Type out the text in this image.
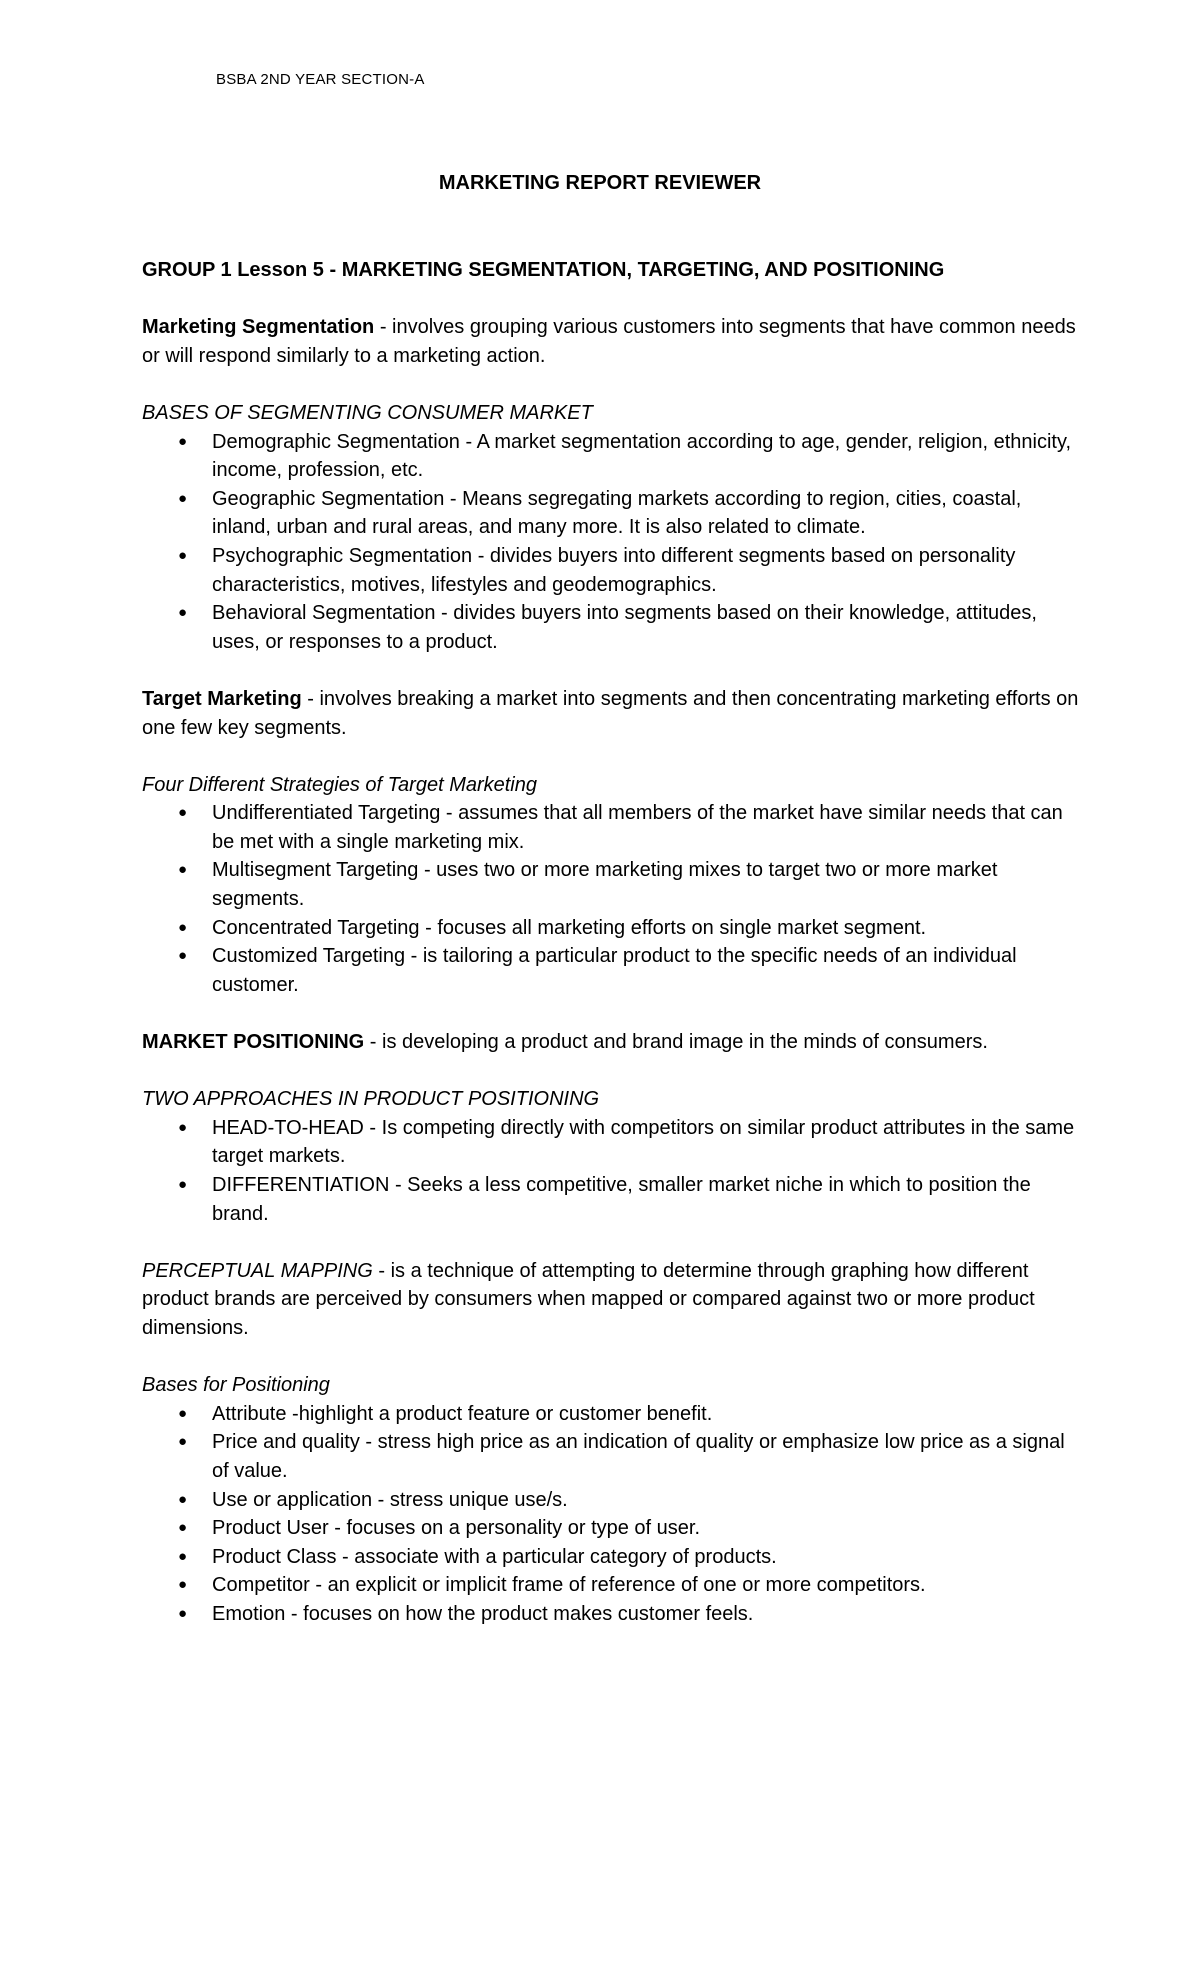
BSBA 2ND YEAR SECTION-A
MARKETING REPORT REVIEWER

GROUP 1 Lesson 5 - MARKETING SEGMENTATION, TARGETING, AND POSITIONING

Marketing Segmentation - involves grouping various customers into segments that have common needs or will respond similarly to a marketing action.

BASES OF SEGMENTING CONSUMER MARKET

● Demographic Segmentation - A market segmentation according to age, gender, religion, ethnicity, income, profession, etc.
● Geographic Segmentation - Means segregating markets according to region, cities, coastal, inland, urban and rural areas, and many more. It is also related to climate.
● Psychographic Segmentation - divides buyers into different segments based on personality characteristics, motives, lifestyles and geodemographics.
● Behavioral Segmentation - divides buyers into segments based on their knowledge, attitudes, uses, or responses to a product.

Target Marketing - involves breaking a market into segments and then concentrating marketing efforts on one few key segments.

Four Different Strategies of Target Marketing

● Undifferentiated Targeting - assumes that all members of the market have similar needs that can be met with a single marketing mix.
● Multisegment Targeting - uses two or more marketing mixes to target two or more market segments.
● Concentrated Targeting - focuses all marketing efforts on single market segment.
● Customized Targeting - is tailoring a particular product to the specific needs of an individual customer.

MARKET POSITIONING - is developing a product and brand image in the minds of consumers.

TWO APPROACHES IN PRODUCT POSITIONING

● HEAD-TO-HEAD - Is competing directly with competitors on similar product attributes in the same target markets.
● DIFFERENTIATION - Seeks a less competitive, smaller market niche in which to position the brand.

PERCEPTUAL MAPPING - is a technique of attempting to determine through graphing how different product brands are perceived by consumers when mapped or compared against two or more product dimensions.

Bases for Positioning

● Attribute -highlight a product feature or customer benefit.
● Price and quality - stress high price as an indication of quality or emphasize low price as a signal of value.
● Use or application - stress unique use/s.
● Product User - focuses on a personality or type of user.
● Product Class - associate with a particular category of products.
● Competitor - an explicit or implicit frame of reference of one or more competitors.
● Emotion - focuses on how the product makes customer feels.
